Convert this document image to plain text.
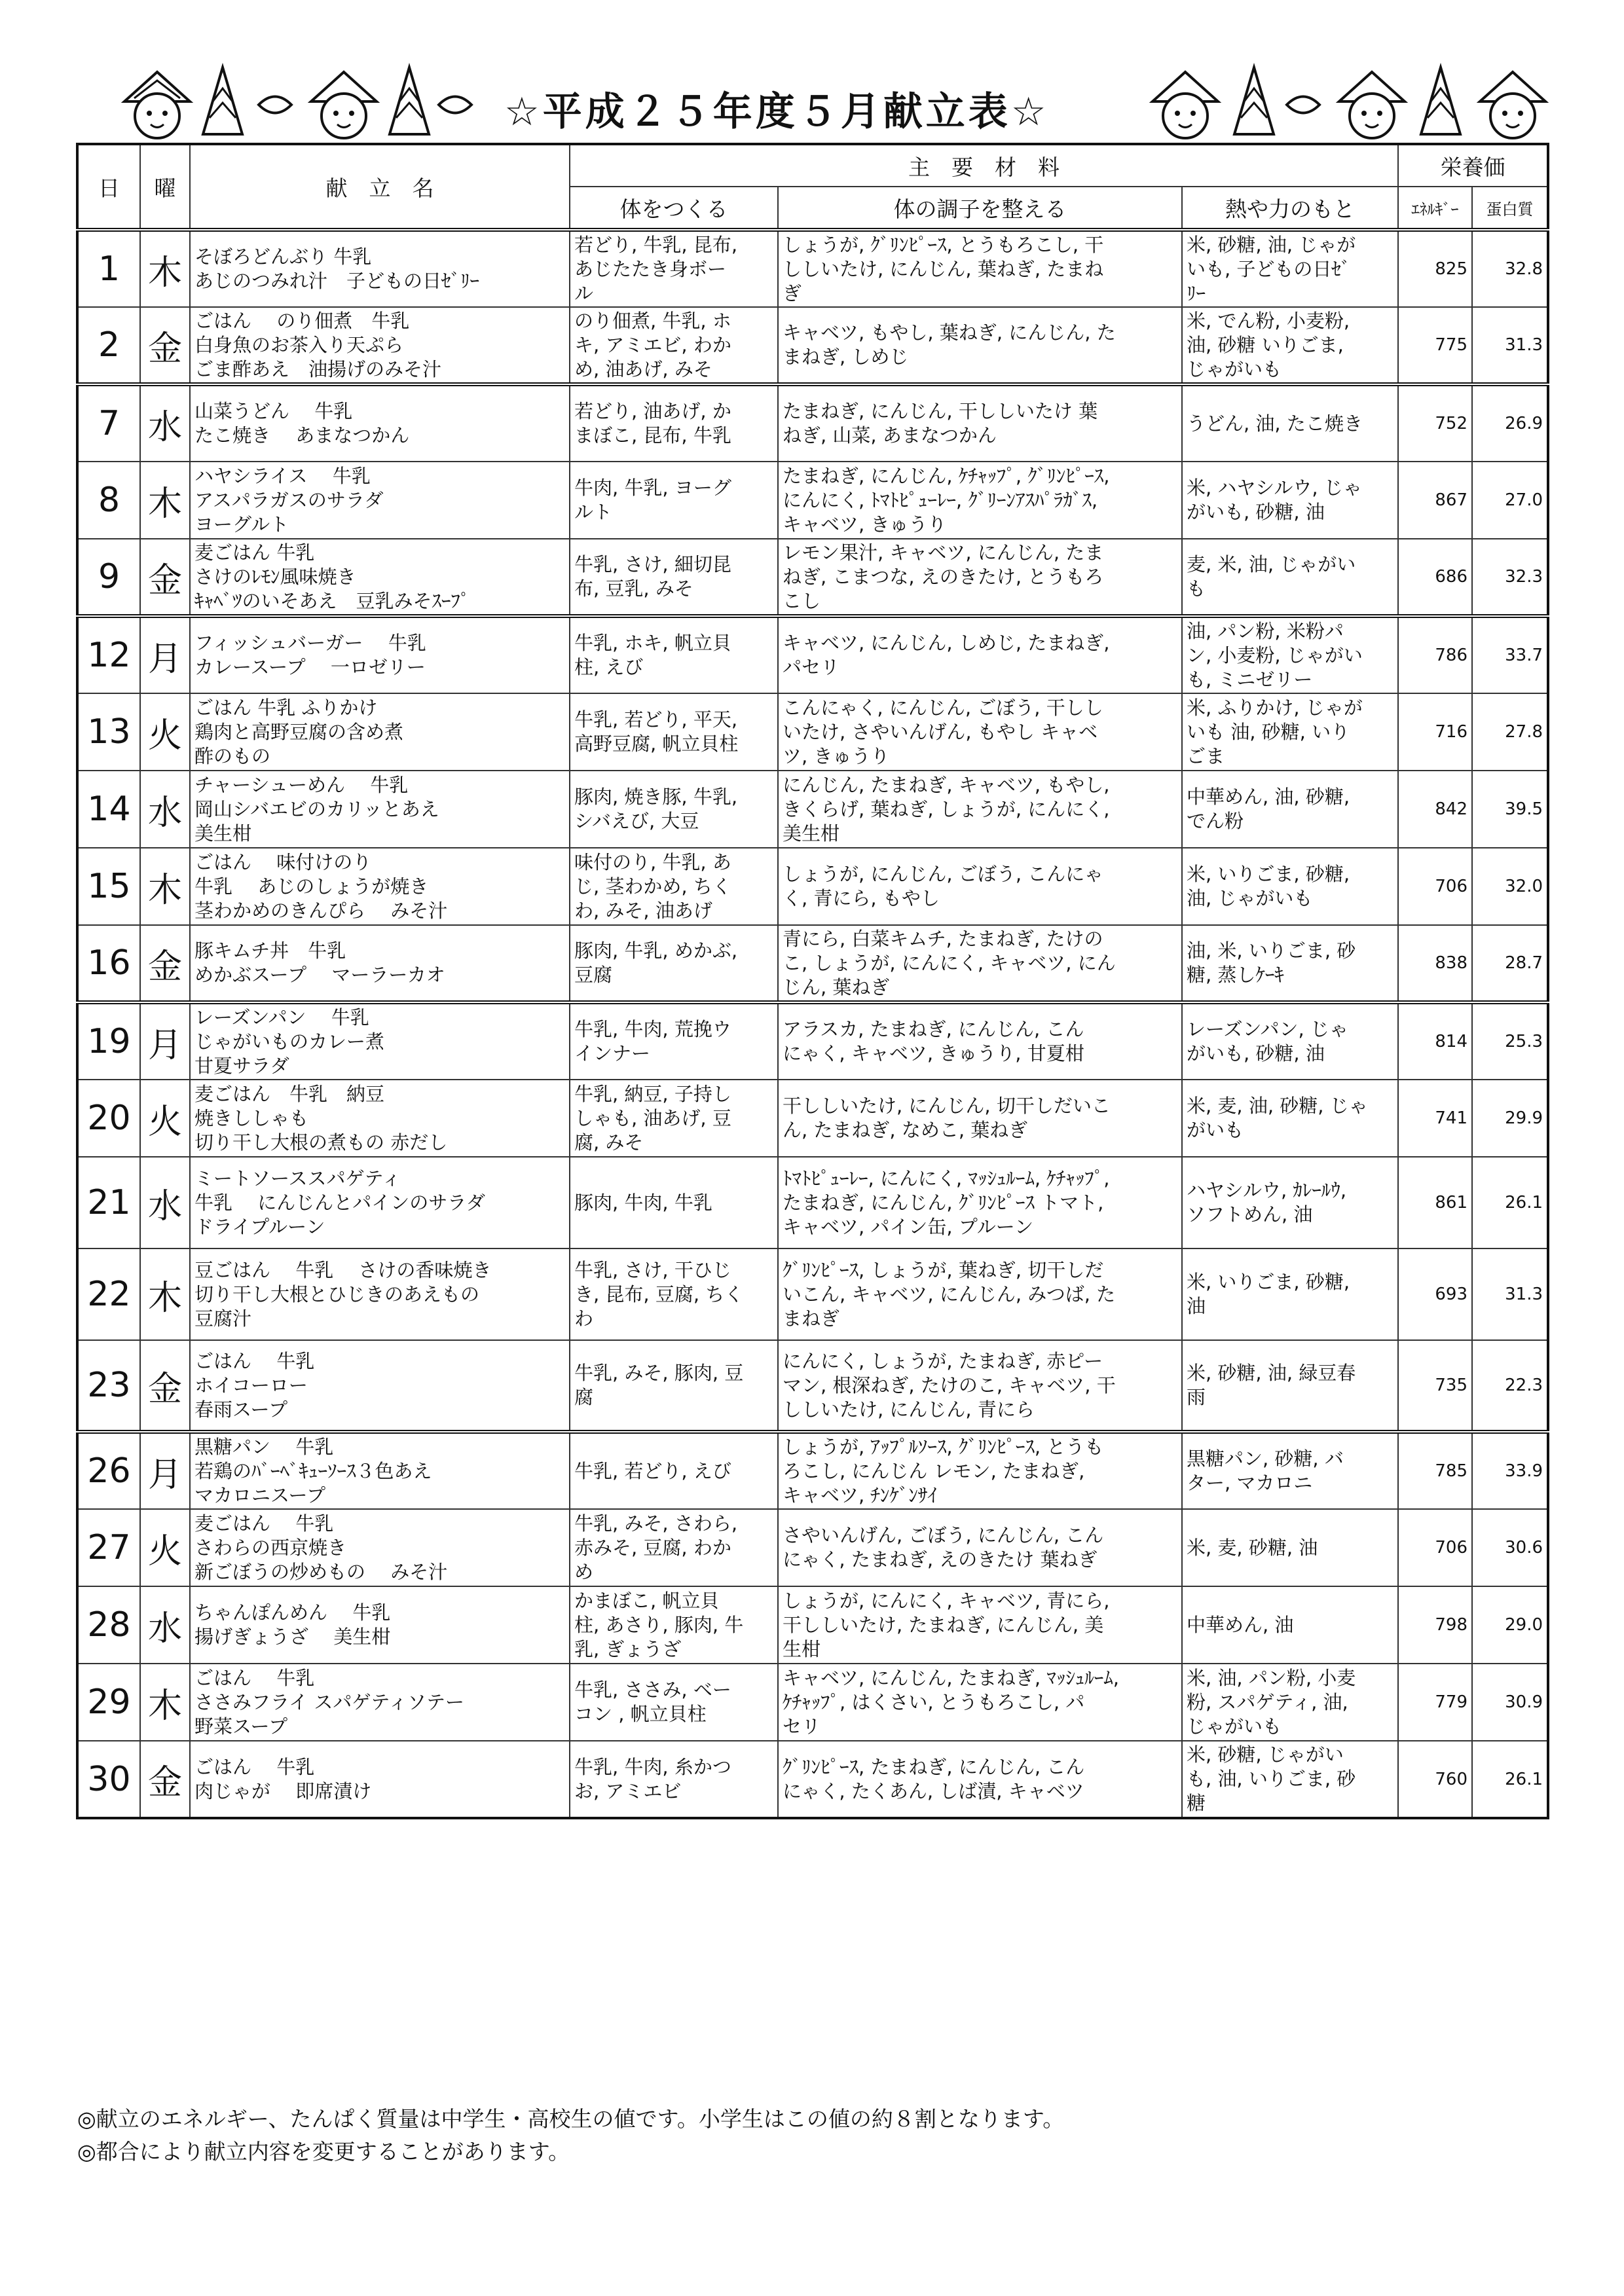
☆平成２５年度５月献立表☆
日	曜	献　立　名	主　要　材　料			栄養価	
			体をつくる	体の調子を整える	熱や力のもと	ｴﾈﾙｷﾞｰ	蛋白質
1	木	そぼろどんぶり 牛乳
あじのつみれ汁　子どもの日ｾﾞﾘｰ	若どり, 牛乳, 昆布,
あじたたき身ボー
ル	しょうが, ｸﾞﾘﾝﾋﾟｰｽ, とうもろこし, 干
ししいたけ, にんじん, 葉ねぎ, たまね
ぎ	米, 砂糖, 油, じゃが
いも, 子どもの日ｾﾞ
ﾘｰ	825	32.8
2	金	ごはん　 のり佃煮　牛乳
白身魚のお茶入り天ぷら
ごま酢あえ　油揚げのみそ汁	のり佃煮, 牛乳, ホ
キ, アミエビ, わか
め, 油あげ, みそ	キャベツ, もやし, 葉ねぎ, にんじん, た
まねぎ, しめじ	米, でん粉, 小麦粉,
油, 砂糖 いりごま,
じゃがいも	775	31.3
7	水	山菜うどん　 牛乳
たこ焼き　 あまなつかん	若どり, 油あげ, か
まぼこ, 昆布, 牛乳	たまねぎ, にんじん, 干ししいたけ 葉
ねぎ, 山菜, あまなつかん	うどん, 油, たこ焼き	752	26.9
8	木	ハヤシライス　 牛乳
アスパラガスのサラダ
ヨーグルト	牛肉, 牛乳, ヨーグ
ルト	たまねぎ, にんじん, ｹﾁｬｯﾌﾟ, ｸﾞﾘﾝﾋﾟｰｽ,
にんにく, ﾄﾏﾄﾋﾟｭｰﾚｰ, ｸﾞﾘｰﾝｱｽﾊﾟﾗｶﾞｽ,
キャベツ, きゅうり	米, ハヤシルウ, じゃ
がいも, 砂糖, 油	867	27.0
9	金	麦ごはん 牛乳
さけのﾚﾓﾝ風味焼き
ｷｬﾍﾞﾂのいそあえ　豆乳みそｽｰﾌﾟ	牛乳, さけ, 細切昆
布, 豆乳, みそ	レモン果汁, キャベツ, にんじん, たま
ねぎ, こまつな, えのきたけ, とうもろ
こし	麦, 米, 油, じゃがい
も	686	32.3
12	月	フィッシュバーガー　 牛乳
カレースープ　 一ロゼリー	牛乳, ホキ, 帆立貝
柱, えび	キャベツ, にんじん, しめじ, たまねぎ,
パセリ	油, パン粉, 米粉パ
ン, 小麦粉, じゃがい
も, ミニゼリー	786	33.7
13	火	ごはん 牛乳 ふりかけ
鶏肉と高野豆腐の含め煮
酢のもの	牛乳, 若どり, 平天,
高野豆腐, 帆立貝柱	こんにゃく, にんじん, ごぼう, 干しし
いたけ, さやいんげん, もやし キャベ
ツ, きゅうり	米, ふりかけ, じゃが
いも 油, 砂糖, いり
ごま	716	27.8
14	水	チャーシューめん　 牛乳
岡山シバエビのカリッとあえ
美生柑	豚肉, 焼き豚, 牛乳,
シバえび, 大豆	にんじん, たまねぎ, キャベツ, もやし,
きくらげ, 葉ねぎ, しょうが, にんにく,
美生柑	中華めん, 油, 砂糖,
でん粉	842	39.5
15	木	ごはん　 味付けのり
牛乳　 あじのしょうが焼き
茎わかめのきんぴら　 みそ汁	味付のり, 牛乳, あ
じ, 茎わかめ, ちく
わ, みそ, 油あげ	しょうが, にんじん, ごぼう, こんにゃ
く, 青にら, もやし	米, いりごま, 砂糖,
油, じゃがいも	706	32.0
16	金	豚キムチ丼　牛乳
めかぶスープ　 マーラーカオ	豚肉, 牛乳, めかぶ,
豆腐	青にら, 白菜キムチ, たまねぎ, たけの
こ, しょうが, にんにく, キャベツ, にん
じん, 葉ねぎ	油, 米, いりごま, 砂
糖, 蒸しｹｰｷ	838	28.7
19	月	レーズンパン　 牛乳
じゃがいものカレー煮
甘夏サラダ	牛乳, 牛肉, 荒挽ウ
インナー	アラスカ, たまねぎ, にんじん, こん
にゃく, キャベツ, きゅうり, 甘夏柑	レーズンパン, じゃ
がいも, 砂糖, 油	814	25.3
20	火	麦ごはん　牛乳　納豆
焼きししゃも
切り干し大根の煮もの 赤だし	牛乳, 納豆, 子持し
しゃも, 油あげ, 豆
腐, みそ	干ししいたけ, にんじん, 切干しだいこ
ん, たまねぎ, なめこ, 葉ねぎ	米, 麦, 油, 砂糖, じゃ
がいも	741	29.9
21	水	ミートソーススパゲティ
牛乳　 にんじんとパインのサラダ
ドライプルーン	豚肉, 牛肉, 牛乳	ﾄﾏﾄﾋﾟｭｰﾚｰ, にんにく, ﾏｯｼｭﾙｰﾑ, ｹﾁｬｯﾌﾟ,
たまねぎ, にんじん, ｸﾞﾘﾝﾋﾟｰｽ トマト,
キャベツ, パイン缶, プルーン	ハヤシルウ, ｶﾚｰﾙｳ,
ソフトめん, 油	861	26.1
22	木	豆ごはん　 牛乳　 さけの香味焼き
切り干し大根とひじきのあえもの
豆腐汁	牛乳, さけ, 干ひじ
き, 昆布, 豆腐, ちく
わ	ｸﾞﾘﾝﾋﾟｰｽ, しょうが, 葉ねぎ, 切干しだ
いこん, キャベツ, にんじん, みつば, た
まねぎ	米, いりごま, 砂糖,
油	693	31.3
23	金	ごはん　 牛乳
ホイコーロー
春雨スープ	牛乳, みそ, 豚肉, 豆
腐	にんにく, しょうが, たまねぎ, 赤ピー
マン, 根深ねぎ, たけのこ, キャベツ, 干
ししいたけ, にんじん, 青にら	米, 砂糖, 油, 緑豆春
雨	735	22.3
26	月	黒糖パン　 牛乳
若鶏のﾊﾞｰﾍﾞｷｭｰｿｰｽ３色あえ
マカロニスープ	牛乳, 若どり, えび	しょうが, ｱｯﾌﾟﾙｿｰｽ, ｸﾞﾘﾝﾋﾟｰｽ, とうも
ろこし, にんじん レモン, たまねぎ,
キャベツ, ﾁﾝｹﾞﾝｻｲ	黒糖パン, 砂糖, バ
ター, マカロニ	785	33.9
27	火	麦ごはん　 牛乳
さわらの西京焼き
新ごぼうの炒めもの　 みそ汁	牛乳, みそ, さわら,
赤みそ, 豆腐, わか
め	さやいんげん, ごぼう, にんじん, こん
にゃく, たまねぎ, えのきたけ 葉ねぎ	米, 麦, 砂糖, 油	706	30.6
28	水	ちゃんぽんめん　 牛乳
揚げぎょうざ　 美生柑	かまぼこ, 帆立貝
柱, あさり, 豚肉, 牛
乳, ぎょうざ	しょうが, にんにく, キャベツ, 青にら,
干ししいたけ, たまねぎ, にんじん, 美
生柑	中華めん, 油	798	29.0
29	木	ごはん　 牛乳
ささみフライ スパゲティソテー
野菜スープ	牛乳, ささみ, ベー
コン , 帆立貝柱	キャベツ, にんじん, たまねぎ, ﾏｯｼｭﾙｰﾑ,
ｹﾁｬｯﾌﾟ, はくさい, とうもろこし, パ
セリ	米, 油, パン粉, 小麦
粉, スパゲティ, 油,
じゃがいも	779	30.9
30	金	ごはん　 牛乳
肉じゃが　 即席漬け	牛乳, 牛肉, 糸かつ
お, アミエビ	ｸﾞﾘﾝﾋﾟｰｽ, たまねぎ, にんじん, こん
にゃく, たくあん, しば漬, キャベツ	米, 砂糖, じゃがい
も, 油, いりごま, 砂
糖	760	26.1
◎献立のエネルギー、たんぱく質量は中学生・高校生の値です。小学生はこの値の約８割となります。
◎都合により献立内容を変更することがあります。
